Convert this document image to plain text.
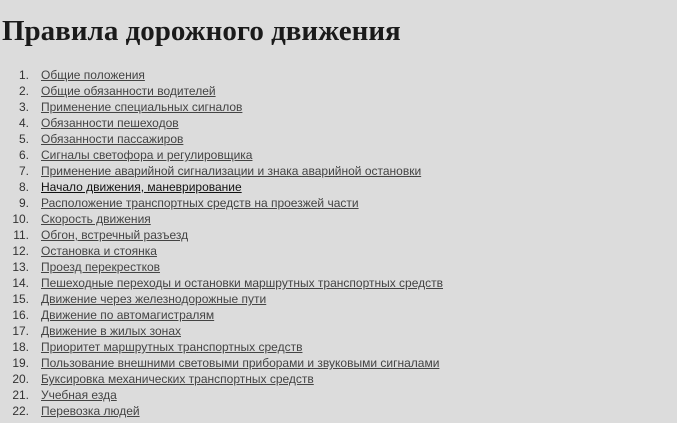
Правила дорожного движения
1. Общие положения
2. Общие обязанности водителей
3. Применение специальных сигналов
4. Обязанности пешеходов
5. Обязанности пассажиров
6. Сигналы светофора и регулировщика
7. Применение аварийной сигнализации и знака аварийной остановки
8. Начало движения, маневрирование
9. Расположение транспортных средств на проезжей части
10. Скорость движения
11. Обгон, встречный разъезд
12. Остановка и стоянка
13. Проезд перекрестков
14. Пешеходные переходы и остановки маршрутных транспортных средств
15. Движение через железнодорожные пути
16. Движение по автомагистралям
17. Движение в жилых зонах
18. Приоритет маршрутных транспортных средств
19. Пользование внешними световыми приборами и звуковыми сигналами
20. Буксировка механических транспортных средств
21. Учебная езда
22. Перевозка людей
